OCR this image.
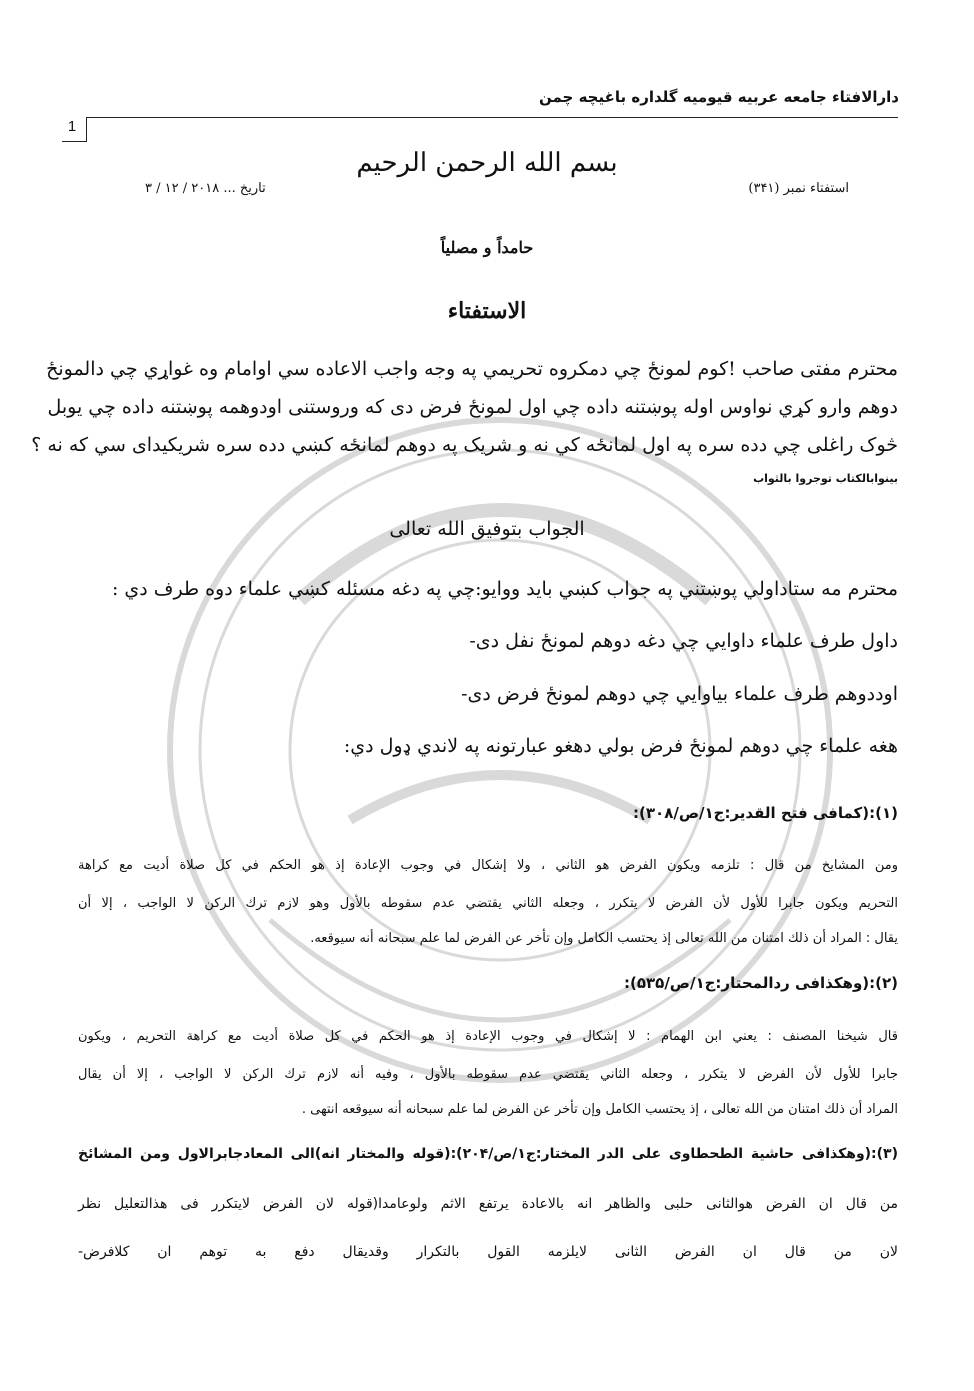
دارالافتاء جامعه عربیه قیومیه گلداره باغیچه چمن
1
بسم الله الرحمن الرحیم
استفتاء نمبر (۳۴۱)
تاریخ ... ۲۰۱۸ / ۱۲ / ۳
حامداً و مصلیاً
الاستفتاء
محترم مفتی صاحب !کوم لمونځ چي دمکروه تحریمي په وجه واجب الاعاده سي اوامام وه غواړي چي دالمونځ
دوهم وارو کړي نواوس اوله پوښتنه داده چي اول لمونځ فرض دی که وروستنی اودوهمه پوښتنه داده چي یوبل
څوک راغلی چي دده سره په اول لمانځه کي نه و شریک په دوهم لمانځه کښي دده سره شریکیدای سي که نه ؟
بینوابالکتاب توجروا بالثواب
الجواب بتوفیق الله تعالی
محترم مه ستاداولي پوښتني په جواب کښي باید ووایو:چي په دغه مسئله کښي علماء دوه طرف دي :
داول طرف علماء داوايي چي دغه دوهم لمونځ نفل دی-
اوددوهم طرف علماء بياوايي چي دوهم لمونځ فرض دی-
هغه علماء چي دوهم لمونځ فرض بولي دهغو عبارتونه په لاندي ډول دي:
(۱):(کمافی فتح القدیر:ج۱/ص/۳۰۸):
ومن المشايخ من قال : تلزمه ويكون الفرض هو الثاني ، ولا إشكال في وجوب الإعادة إذ هو الحكم في كل صلاة أديت مع كراهة
التحريم ويكون جابرا للأول لأن الفرض لا يتكرر ، وجعله الثاني يقتضي عدم سقوطه بالأول وهو لازم ترك الركن لا الواجب ، إلا أن
يقال : المراد أن ذلك امتنان من الله تعالى إذ يحتسب الكامل وإن تأخر عن الفرض لما علم سبحانه أنه سيوقعه.
(۲):(وهکذافی ردالمحتار:ج۱/ص/۵۳۵):
قال شيخنا المصنف : يعني ابن الهمام : لا إشكال في وجوب الإعادة إذ هو الحكم في كل صلاة أديت مع كراهة التحريم ، ويكون
جابرا للأول لأن الفرض لا يتكرر ، وجعله الثاني يقتضي عدم سقوطه بالأول ، وفيه أنه لازم ترك الركن لا الواجب ، إلا أن يقال
المراد أن ذلك امتنان من الله تعالى ، إذ يحتسب الكامل وإن تأخر عن الفرض لما علم سبحانه أنه سيوقعه انتهى .
(۳):(وهکذافی حاشیة الطحطاوی علی الدر المختار:ج۱/ص/۲۰۴):(قوله والمختار انه)الی المعادجابرالاول ومن المشائخ
من قال ان الفرض هوالثانی حلبی والظاهر انه بالاعادة یرتفع الاثم ولوعامدا(قوله لان الفرض لایتکرر فی هذالتعلیل نظر
لان من قال ان الفرض الثانی لایلزمه القول بالتکرار وقدیقال دفع به توهم ان کلافرض-
